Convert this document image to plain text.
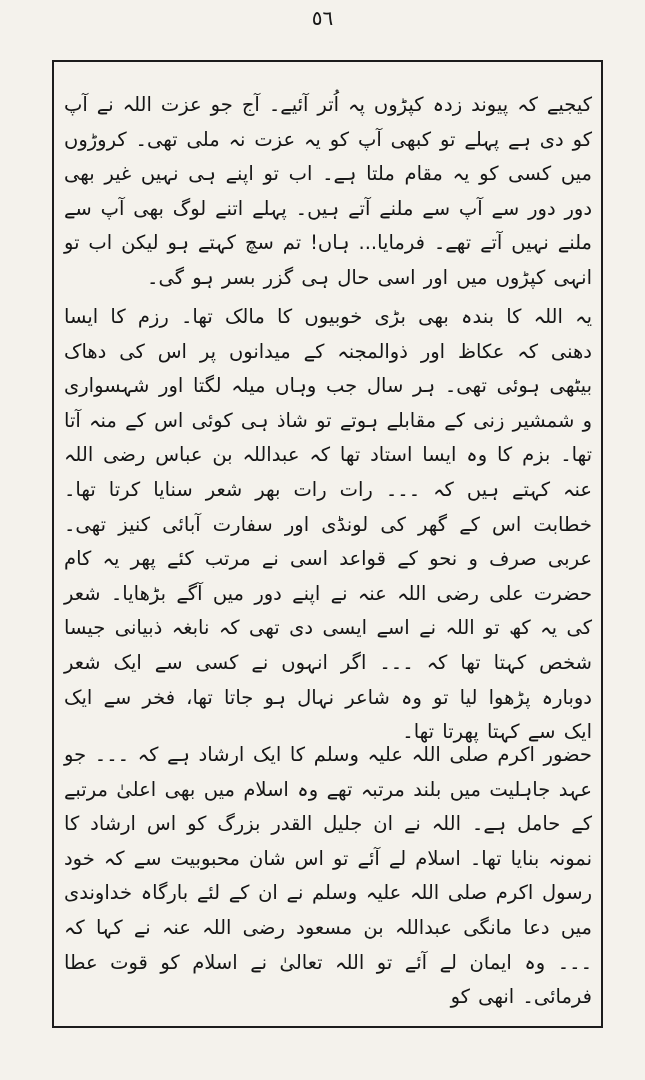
٥٦

کیجیے کہ پیوند زدہ کپڑوں پہ اُتر آئیے۔ آج جو عزت اللہ نے آپ کو دی ہے پہلے تو کبھی آپ کو یہ عزت نہ ملی تھی۔ کروڑوں میں کسی کو یہ مقام ملتا ہے۔ اب تو اپنے ہی نہیں غیر بھی دور دور سے آپ سے ملنے آتے ہیں۔ پہلے اتنے لوگ بھی آپ سے ملنے نہیں آتے تھے۔ فرمایا... ہاں! تم سچ کہتے ہو لیکن اب تو انہی کپڑوں میں اور اسی حال ہی گزر بسر ہو گی۔

یہ اللہ کا بندہ بھی بڑی خوبیوں کا مالک تھا۔ رزم کا ایسا دھنی کہ عکاظ اور ذوالمجنہ کے میدانوں پر اس کی دھاک بیٹھی ہوئی تھی۔ ہر سال جب وہاں میلہ لگتا اور شہسواری و شمشیر زنی کے مقابلے ہوتے تو شاذ ہی کوئی اس کے منہ آتا تھا۔ بزم کا وہ ایسا استاد تھا کہ عبداللہ بن عباس رضی اللہ عنہ کہتے ہیں کہ ۔۔۔ رات رات بھر شعر سنایا کرتا تھا۔ خطابت اس کے گھر کی لونڈی اور سفارت آبائی کنیز تھی۔ عربی صرف و نحو کے قواعد اسی نے مرتب کئے پھر یہ کام حضرت علی رضی اللہ عنہ نے اپنے دور میں آگے بڑھایا۔ شعر کی یہ کھ تو اللہ نے اسے ایسی دی تھی کہ نابغہ ذبیانی جیسا شخص کہتا تھا کہ ۔۔۔ اگر انہوں نے کسی سے ایک شعر دوبارہ پڑھوا لیا تو وہ شاعر نہال ہو جاتا تھا، فخر سے ایک ایک سے کہتا پھرتا تھا۔

حضور اکرم صلی اللہ علیہ وسلم کا ایک ارشاد ہے کہ ۔۔۔ جو عہد جاہلیت میں بلند مرتبہ تھے وہ اسلام میں بھی اعلیٰ مرتبے کے حامل ہے۔ اللہ نے ان جلیل القدر بزرگ کو اس ارشاد کا نمونہ بنایا تھا۔ اسلام لے آئے تو اس شان محبوبیت سے کہ خود رسول اکرم صلی اللہ علیہ وسلم نے ان کے لئے بارگاہ خداوندی میں دعا مانگی عبداللہ بن مسعود رضی اللہ عنہ نے کہا کہ ۔۔۔ وہ ایمان لے آئے تو اللہ تعالیٰ نے اسلام کو قوت عطا فرمائی۔ انھی کو
